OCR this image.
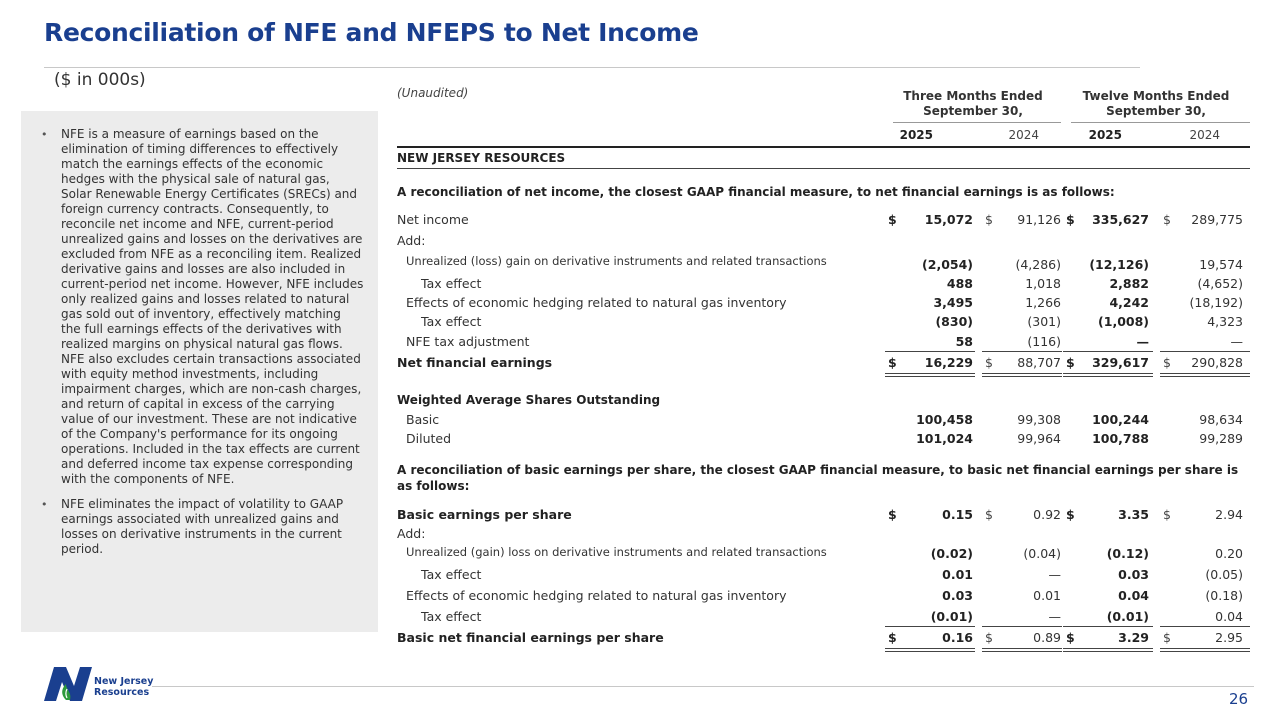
Reconciliation of NFE and NFEPS to Net Income
($ in 000s)
• NFE is a measure of earnings based on the elimination of timing differences to effectively match the earnings effects of the economic hedges with the physical sale of natural gas, Solar Renewable Energy Certificates (SRECs) and foreign currency contracts. Consequently, to reconcile net income and NFE, current-period unrealized gains and losses on the derivatives are excluded from NFE as a reconciling item. Realized derivative gains and losses are also included in current-period net income. However, NFE includes only realized gains and losses related to natural gas sold out of inventory, effectively matching the full earnings effects of the derivatives with realized margins on physical natural gas flows. NFE also excludes certain transactions associated with equity method investments, including impairment charges, which are non-cash charges, and return of capital in excess of the carrying value of our investment. These are not indicative of the Company's performance for its ongoing operations. Included in the tax effects are current and deferred income tax expense corresponding with the components of NFE.
• NFE eliminates the impact of volatility to GAAP earnings associated with unrealized gains and losses on derivative instruments in the current period.
(Unaudited)	Three Months Ended
September 30,
Twelve Months Ended
September 30,
2025	2024	2025	2024
NEW JERSEY RESOURCES
A reconciliation of net income, the closest GAAP financial measure, to net financial earnings is as follows:
Net income	$	15,072 $	91,126 $	335,627 $	289,775
Add:
Unrealized (loss) gain on derivative instruments and related transactions	(2,054)	(4,286)	(12,126)	19,574
Tax effect	488	1,018	2,882	(4,652)
Effects of economic hedging related to natural gas inventory	3,495	1,266	4,242	(18,192)
Tax effect	(830)	(301)	(1,008)	4,323
NFE tax adjustment	58	(116)	—	—
Net financial earnings	$	16,229 $	88,707 $	329,617 $	290,828
Weighted Average Shares Outstanding
Basic	100,458	99,308	100,244	98,634
Diluted	101,024	99,964	100,788	99,289
A reconciliation of basic earnings per share, the closest GAAP financial measure, to basic net financial earnings per share is as follows:
Basic earnings per share	$	0.15 $	0.92 $	3.35 $	2.94
Add:
Unrealized (gain) loss on derivative instruments and related transactions	(0.02)	(0.04)	(0.12)	0.20
Tax effect	0.01	—	0.03	(0.05)
Effects of economic hedging related to natural gas inventory	0.03	0.01	0.04	(0.18)
Tax effect	(0.01)	—	(0.01)	0.04
Basic net financial earnings per share	$	0.16 $	0.89 $	3.29 $	2.95
New Jersey
Resources	26
